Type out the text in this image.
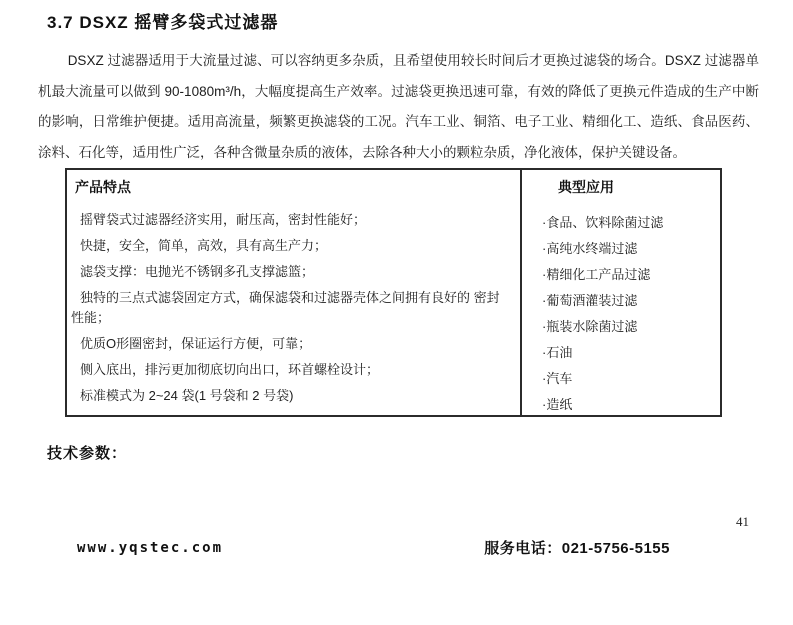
3.7 DSXZ 摇臂多袋式过滤器
DSXZ 过滤器适用于大流量过滤、可以容纳更多杂质，且希望使用较长时间后才更换过滤袋的场合。DSXZ 过滤器单机最大流量可以做到 90-1080m³/h，大幅度提高生产效率。过滤袋更换迅速可靠，有效的降低了更换元件造成的生产中断的影响，日常维护便捷。适用高流量，频繁更换滤袋的工况。汽车工业、铜箔、电子工业、精细化工、造纸、食品医药、涂料、石化等，适用性广泛，各种含微量杂质的液体，去除各种大小的颗粒杂质，净化液体，保护关键设备。
产品特点
摇臂袋式过滤器经济实用，耐压高，密封性能好；
快捷，安全，简单，高效，具有高生产力；
滤袋支撑：电抛光不锈钢多孔支撑滤篮；
独特的三点式滤袋固定方式，确保滤袋和过滤器壳体之间拥有良好的 密封性能；
优质O形圈密封，保证运行方便，可靠；
侧入底出，排污更加彻底切向出口，环首螺栓设计；
标准模式为 2~24 袋(1 号袋和 2 号袋)
典型应用
·食品、饮料除菌过滤
·高纯水终端过滤
·精细化工产品过滤
·葡萄酒灌装过滤
·瓶装水除菌过滤
·石油
·汽车
·造纸
技术参数：
41
www.yqstec.com	服务电话：021-5756-5155
